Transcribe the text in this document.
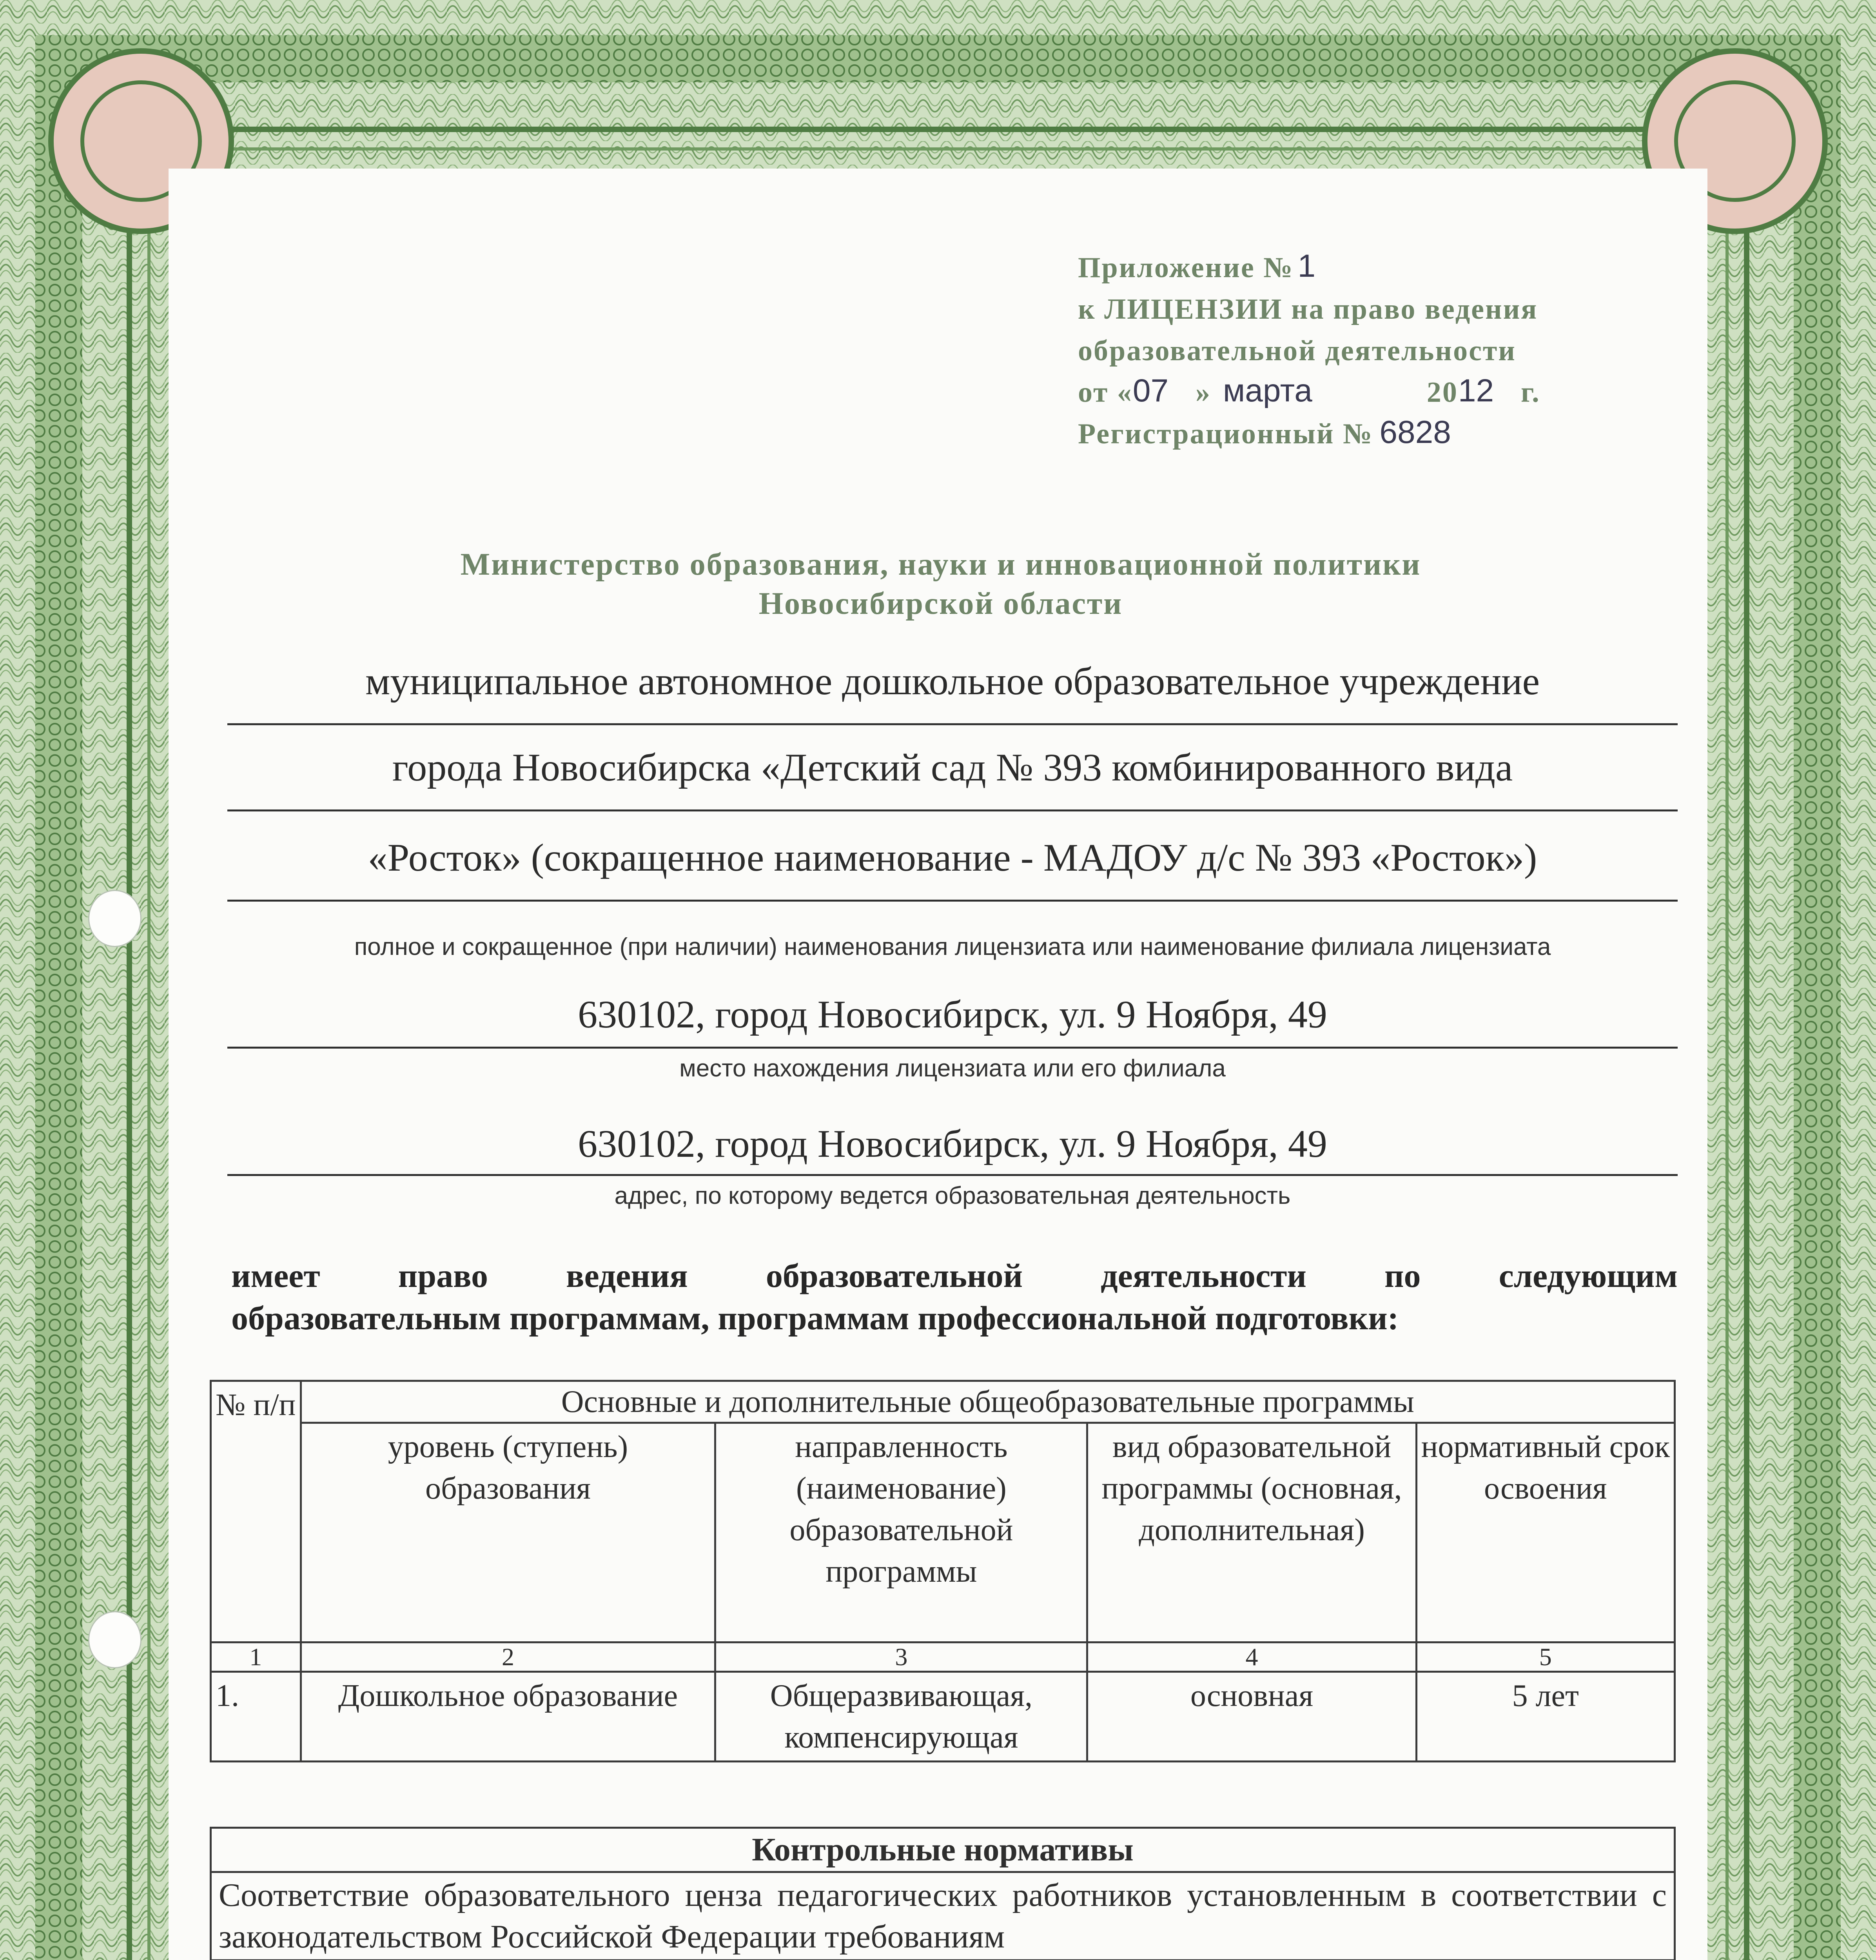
Приложение № 1
к ЛИЦЕНЗИИ на право ведения
образовательной деятельности
от « 07 » марта	20 12 г.
Регистрационный № 6828
Министерство образования, науки и инновационной политики
Новосибирской области
муниципальное автономное дошкольное образовательное учреждение
города Новосибирска «Детский сад № 393 комбинированного вида
«Росток» (сокращенное наименование - МАДОУ д/с № 393 «Росток»)
полное и сокращенное (при наличии) наименования лицензиата или наименование филиала лицензиата
630102, город Новосибирск, ул. 9 Ноября, 49
место нахождения лицензиата или его филиала
630102, город Новосибирск, ул. 9 Ноября, 49
адрес, по которому ведется образовательная деятельность
имеет право ведения образовательной деятельности по следующим
образовательным программам, программам профессиональной подготовки:
№ п/п	Основные и дополнительные общеобразовательные программы			
	уровень (ступень) образования	направленность (наименование) образовательной программы	вид образовательной программы (основная, дополнительная)	нормативный срок освоения
1	2	3	4	5
1.	Дошкольное образование	Общеразвивающая, компенсирующая	основная	5 лет
Контрольные нормативы
Соответствие образовательного ценза педагогических работников установленным в соответствии с законодательством Российской Федерации требованиям
